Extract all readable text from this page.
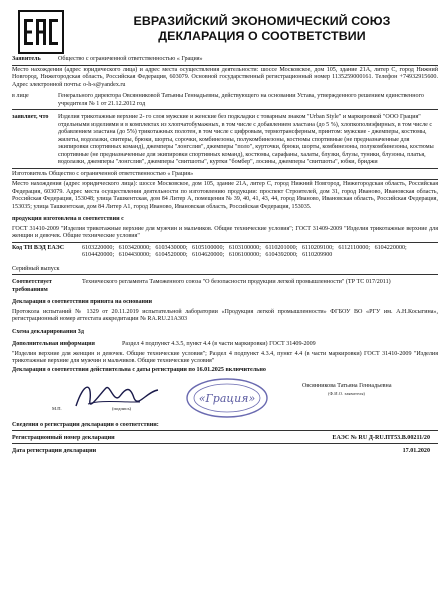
ЕВРАЗИЙСКИЙ ЭКОНОМИЧЕСКИЙ СОЮЗ
ДЕКЛАРАЦИЯ О СООТВЕТСТВИИ
Заявитель	Общество с ограниченной ответственностью « Грация»
Место нахождения (адрес юридического лица) и адрес места осуществления деятельности: шоссе Московское, дом 105, здание 21А, литер С, город Нижний Новгород, Нижегородская область, Российская Федерация, 603079. Основной государственный регистрационный номер 1135259000161. Телефон +74932915600. Адрес электронной почты: o-h-s@yandex.ru
в лице	Генерального директора Овсянниковой Татьяны Геннадьевны, действующего на основании Устава, утвержденного решением единственного учредителя № 1 от 21.12.2012 год
заявляет, что	Изделия трикотажные верхние 2- го слоя мужские и женские без подкладки с товарным знаком "Urban Style" и маркировкой "ООО Грация" отдельными изделиями и в комплектах из хлопчатобумажных, в том числе с добавлением эластана (до 5 %), хлопкополиэфирных, в том числе с добавлением эластана (до 5%) трикотажных полотен, в том числе с цифровым, термотрансферным, принтом: мужские - джемперы, костюмы, жилеты, водолазки, свитеры, брюки, шорты, сорочки, комбинезоны, полукомбинезоны, костюмы спортивные (не предназначенные для экипировки спортивных команд), джемперы "лонгслив", джемперы "поло", курточки, брюки, шорты, комбинезоны, полукомбинезоны, костюмы спортивные (не предназначенные для экипировки спортивных команд), костюмы, сарафаны, халаты, блузки, блузы, туники, блузоны, платья, водолазки, джемперы "лонгслив", джемперы "свитшоты", куртки "бомбер", лосины, джемперы "свитшоты", юбки, бриджи
Изготовитель Общество с ограниченной ответственностью « Грация»
Место нахождения (адрес юридического лица): шоссе Московское, дом 105, здание 21А, литер С, город Нижний Новгород, Нижегородская область, Российская Федерация, 603079. Адрес места осуществления деятельности по изготовлению продукции: проспект Строителей, дом 31, город Иваново, Ивановская область, Российская Федерация, 153048; улица Ташкентская, дом 84 Литер А, помещения № 39, 40, 41, 43, 44, город Иваново, Ивановская область, Российская Федерация, 153035; улица Ташкентская, дом 84 Литер А1, город Иваново, Ивановская область, Российская Федерация, 153035.
продукция изготовлена в соответствии с
ГОСТ 31410-2009 "Изделия трикотажные верхние для мужчин и мальчиков. Общие технические условия"; ГОСТ 31409-2009 "Изделия трикотажные верхние для женщин и девочек. Общие технические условия"
Код ТН ВЭД ЕАЭС	6103220000; 6103420000; 6103430000; 6105100000; 6103100000; 6110201000; 6110209100; 6112110000; 6104220000; 6104420000; 6104430000; 6104520000; 6104620000; 6106100000; 6104392000; 6110209900
Серийный выпуск
Соответствует требованиям
Технического регламента Таможенного союза "О безопасности продукции легкой промышленности" (ТР ТС 017/2011)
Декларация о соответствии принята на основании
Протокола испытаний № 1329 от 20.11.2019 испытательной лаборатории «Продукция легкой промышленности» ФГБОУ ВО «РГУ им. А.Н.Косыгина», регистрационный номер аттестата аккредитации № RA.RU.21A303
Схема декларирования 3д
Дополнительная информация	Раздел 4 подпункт 4.3.5, пункт 4.4 (в части маркировки) ГОСТ 31409-2009
"Изделия верхние для женщин и девочек. Общие технические условия"; Раздел 4 подпункт 4.3.4, пункт 4.4 (в части маркировки) ГОСТ 31410-2009 "Изделия трикотажные верхние для мужчин и мальчиков. Общие технические условия"
Декларация о соответствии действительна с даты регистрации по 16.01.2025 включительно
«Грация»
Овсянникова Татьяна Геннадьевна
(Ф.И.О. заявителя)
М.П.	(подпись)
Сведения о регистрации декларации о соответствии:
Регистрационный номер декларации	ЕАЭС № RU Д-RU.ПТ53.В.00211/20
Дата регистрации декларации	17.01.2020
